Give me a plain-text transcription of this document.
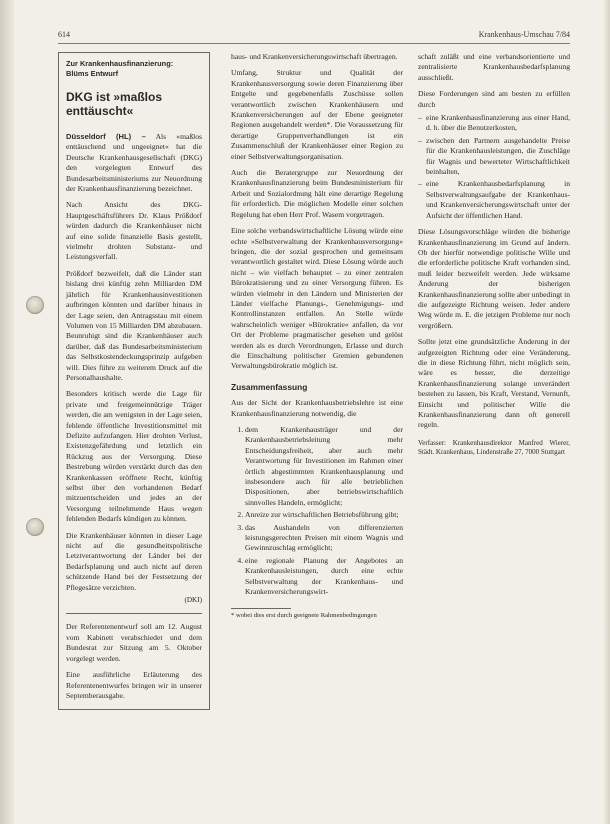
614	Krankenhaus-Umschau 7/84
Zur Krankenhausfinanzierung:
Blüms Entwurf
DKG ist »maßlos
enttäuscht«

Düsseldorf (HL) – Als »maßlos enttäuschend und ungeeignet« hat die Deutsche Krankenhausgesellschaft (DKG) den vorgelegten Entwurf des Bundesarbeitsministeriums zur Neuordnung der Krankenhausfinanzierung bezeichnet.

Nach Ansicht des DKG-Hauptgeschäftsführers Dr. Klaus Prößdorf würden dadurch die Krankenhäuser nicht auf eine solide finanzielle Basis gestellt, vielmehr drohten Substanz- und Leistungsverfall.

Prößdorf bezweifelt, daß die Länder statt bislang drei künftig zehn Milliarden DM jährlich für Krankenhausinvestitionen aufbringen könnten und darüber hinaus in der Lage seien, den Antragsstau mit einem Volumen von 15 Milliarden DM abzubauen. Beunruhigt sind die Krankenhäuser auch darüber, daß das Bundesarbeitsministerium das Selbstkostendeckungsprinzip aufgeben will. Dies führe zu weiterem Druck auf die Personalhaushalte.

Besonders kritisch werde die Lage für private und freigemeinnützige Träger werden, die am wenigsten in der Lage seien, fehlende öffentliche Investitionsmittel mit Defizite aufzufangen. Hier drohten Verlust, Existenzgefährdung und letztlich ein Rückzug aus der Versorgung. Diese Bestrebung würden verstärkt durch das den Krankenkassen eröffnete Recht, künftig selbst über den vorhandenen Bedarf mitzuentscheiden und jedes an der Versorgung teilnehmende Haus wegen fehlenden Bedarfs kündigen zu können.

Die Krankenhäuser könnten in dieser Lage nicht auf die gesundheitspolitische Letztverantwortung der Länder bei der Bedarfsplanung und auch nicht auf deren schützende Hand bei der Festsetzung der Pflegesätze verzichten.

(DKI)

Der Referentenentwurf soll am 12. August vom Kabinett verabschiedet und dem Bundesrat zur Sitzung am 5. Oktober vorgelegt werden.

Eine ausführliche Erläuterung des Referentenentwurfes bringen wir in unserer Septemberausgabe.

haus- und Krankenversicherungswirtschaft übertragen.

Umfang, Struktur und Qualität der Krankenhausversorgung sowie deren Finanzierung über Entgelte und gegebenenfalls Zuschüsse sollen verantwortlich zwischen Krankenhäusern und Krankenversicherungen auf der Ebene geeigneter Regionen ausgehandelt werden*. Die Voraussetzung für derartige Gruppenverhandlungen ist ein Zusammenschluß der Krankenhäuser einer Region zu einer Selbstverwaltungsorganisation.

Auch die Beratergruppe zur Neuordnung der Krankenhausfinanzierung beim Bundesministerium für Arbeit und Sozialordnung hält eine derartige Regelung für erforderlich. Die möglichen Modelle einer solchen Regelung hat eben Herr Prof. Wasem vorgetragen.

Eine solche verbandswirtschaftliche Lösung würde eine echte »Selbstverwaltung der Krankenhausversorgung« bringen, die der sozial gesprochen und gemeinsam verantwortlich gestaltet wird. Diese Lösung würde auch nicht – wie vielfach behauptet – zu einer zentralen Bürokratisierung und zu einer Versorgung führen. Es würden vielmehr in den Ländern und Ministerien der Länder vielfache Planungs-, Genehmigungs- und Kontrollinstanzen entfallen. An Stelle würde wahrscheinlich weniger »Bürokratie« anfallen, da vor Ort der Probleme pragmatischer gesehen und gelöst werden als es durch Verordnungen, Erlasse und durch die Einschaltung politischer Gremien gebundenen Verwaltungsbürokratie möglich ist.

Zusammenfassung

Aus der Sicht der Krankenhausbetriebslehre ist eine Krankenhausfinanzierung notwendig, die

1. dem Krankenhausträger und der Krankenhausbetriebsleitung mehr Entscheidungsfreiheit, aber auch mehr Verantwortung für Investitionen im Rahmen einer örtlich abgestimmten Krankenhausplanung und insbesondere auch für alle betrieblichen Dispositionen, aber betriebswirtschaftlich sinnvolles Handeln, ermöglicht;
2. Anreize zur wirtschaftlichen Betriebsführung gibt;
3. das Aushandeln von differenzierten leistungsgerechten Preisen mit einem Wagnis und Gewinnzuschlag ermöglicht;
4. eine regionale Planung der Angebotes an Krankenhausleistungen, durch eine echte Selbstverwaltung der Krankenhaus- und Krankenversicherungswirt-
* wobei dies erst durch geeignete Rahmenbedingungen

schaft zuläßt und eine verbandsorientierte und zentralisierte Krankenhausbedarfsplanung ausschließt.

Diese Forderungen sind am besten zu erfüllen durch

– eine Krankenhausfinanzierung aus einer Hand, d. h. über die Benutzerkosten,
– zwischen den Partnern ausgehandelte Preise für die Krankenhausleistungen, die Zuschläge für Wagnis und bewerteter Wirtschaftlichkeit beinhalten,
– eine Krankenhausbedarfsplanung in Selbstverwaltungsaufgabe der Krankenhaus- und Krankenversicherungswirtschaft unter der Aufsicht der öffentlichen Hand.

Diese Lösungsvorschläge würden die bisherige Krankenhausfinanzierung im Grund auf ändern. Ob der hierfür notwendige politische Wille und die erforderliche politische Kraft vorhanden sind, muß leider bezweifelt werden. Jede wirksame Änderung der bisherigen Krankenhausfinanzierung sollte aber unbedingt in die aufgezeigte Richtung weisen. Jeder andere Weg würde m. E. die jetzigen Probleme nur noch vergrößern.

Sollte jetzt eine grundsätzliche Änderung in der aufgezeigten Richtung oder eine Veränderung, die in diese Richtung führt, nicht möglich sein, wäre es besser, die derzeitige Krankenhausfinanzierung solange unverändert bestehen zu lassen, bis Kraft, Verstand, Vernunft, Einsicht und politischer Wille die Krankenhausfinanzierung dann oft generell regeln.

Verfasser: Krankenhausdirektor Manfred Wierer, Städt. Krankenhaus, Lindenstraße 27, 7000 Stuttgart
